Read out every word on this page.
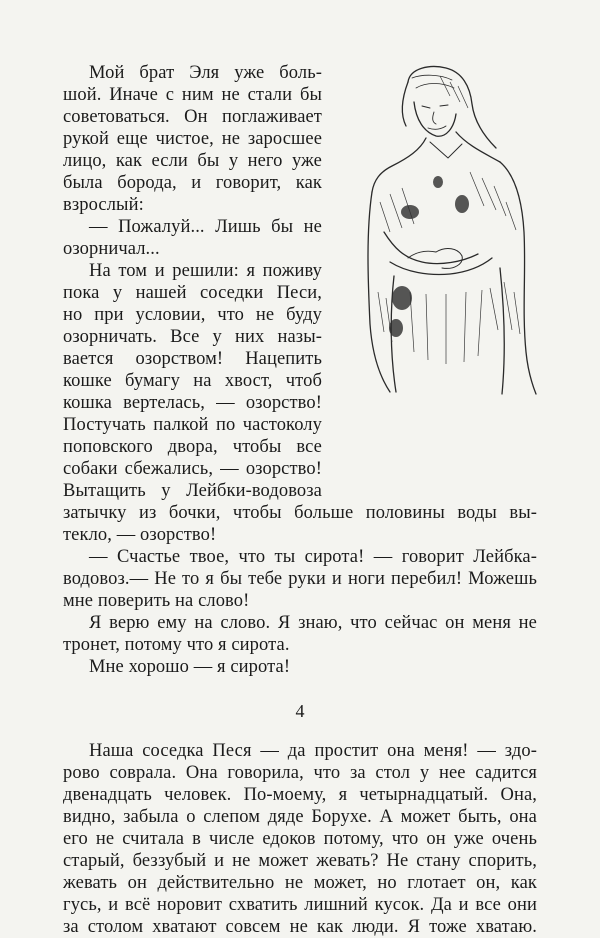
Мой брат Эля уже боль-
шой. Иначе с ним не стали бы
советоваться. Он поглаживает
рукой еще чистое, не заросшее
лицо, как если бы у него уже
была борода, и говорит, как
взрослый:
— Пожалуй... Лишь бы не
озорничал...
На том и решили: я поживу
пока у нашей соседки Песи,
но при условии, что не буду
озорничать. Все у них назы-
вается озорством! Нацепить
кошке бумагу на хвост, чтоб
кошка вертелась, — озорство!
Постучать палкой по частоколу
поповского двора, чтобы все
собаки сбежались, — озорство!
Вытащить у Лейбки-водовоза
затычку из бочки, чтобы больше половины воды вы-
текло, — озорство!
— Счастье твое, что ты сирота! — говорит Лейбка-
водовоз.— Не то я бы тебе руки и ноги перебил! Можешь
мне поверить на слово!
Я верю ему на слово. Я знаю, что сейчас он меня не
тронет, потому что я сирота.
Мне хорошо — я сирота!
4
Наша соседка Песя — да простит она меня! — здо-
рово соврала. Она говорила, что за стол у нее садится
двенадцать человек. По-моему, я четырнадцатый. Она,
видно, забыла о слепом дяде Борухе. А может быть, она
его не считала в числе едоков потому, что он уже очень
старый, беззубый и не может жевать? Не стану спорить,
жевать он действительно не может, но глотает он, как
гусь, и всё норовит схватить лишний кусок. Да и все они
за столом хватают совсем не как люди. Я тоже хватаю.
